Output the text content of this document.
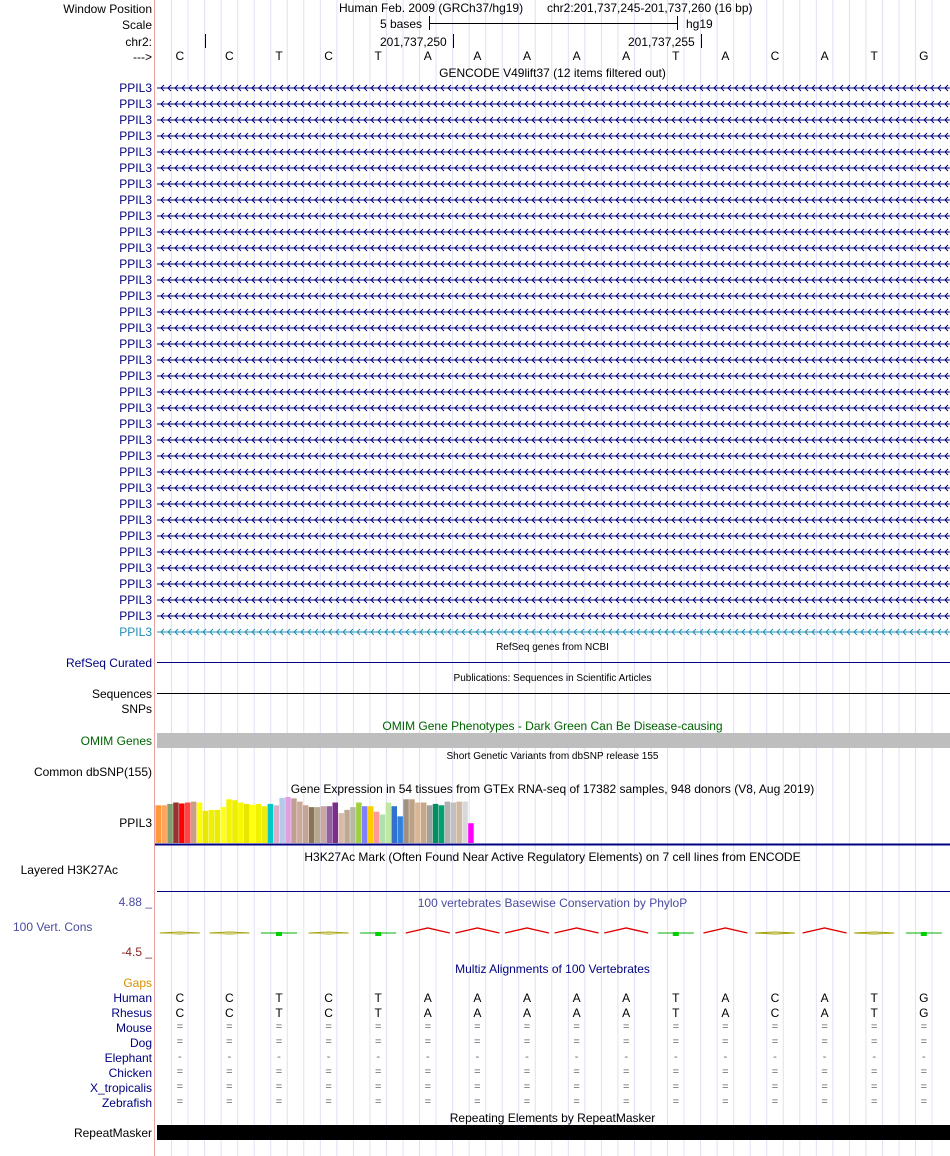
Window Position
Scale
chr2:
--->
Human Feb. 2009 (GRCh37/hg19) chr2:201,737,245-201,737,260 (16 bp)
5 bases	hg19
201,737,250	201,737,255
C	C	T	C	T	A	A	A	A	A	T	A	C	A	T	G
GENCODE V49lift37 (12 items filtered out)
PPIL3
PPIL3
PPIL3
PPIL3
PPIL3
PPIL3
PPIL3
PPIL3
PPIL3
PPIL3
PPIL3
PPIL3
PPIL3
PPIL3
PPIL3
PPIL3
PPIL3
PPIL3
PPIL3
PPIL3
PPIL3
PPIL3
PPIL3
PPIL3
PPIL3
PPIL3
PPIL3
PPIL3
PPIL3
PPIL3
PPIL3
PPIL3
PPIL3
PPIL3
PPIL3
RefSeq genes from NCBI
RefSeq Curated
Publications: Sequences in Scientific Articles
Sequences
SNPs
OMIM Gene Phenotypes - Dark Green Can Be Disease-causing
OMIM Genes
Short Genetic Variants from dbSNP release 155
Common dbSNP(155)
Gene Expression in 54 tissues from GTEx RNA-seq of 17382 samples, 948 donors (V8, Aug 2019)
PPIL3
H3K27Ac Mark (Often Found Near Active Regulatory Elements) on 7 cell lines from ENCODE
Layered H3K27Ac
100 vertebrates Basewise Conservation by PhyloP
4.88 _
100 Vert. Cons
-4.5 _
Multiz Alignments of 100 Vertebrates
Gaps
Human	C	C	T	C	T	A	A	A	A	A	T	A	C	A	T	G
Rhesus	C	C	T	C	T	A	A	A	A	A	T	A	C	A	T	G
Mouse	=	=	=	=	=	=	=	=	=	=	=	=	=	=	=	=
Dog	=	=	=	=	=	=	=	=	=	=	=	=	=	=	=	=
Elephant	-	-	-	-	-	-	-	-	-	-	-	-	-	-	-	-
Chicken	=	=	=	=	=	=	=	=	=	=	=	=	=	=	=	=
X_tropicalis	=	=	=	=	=	=	=	=	=	=	=	=	=	=	=	=
Zebrafish	=	=	=	=	=	=	=	=	=	=	=	=	=	=	=	=
Repeating Elements by RepeatMasker
RepeatMasker
